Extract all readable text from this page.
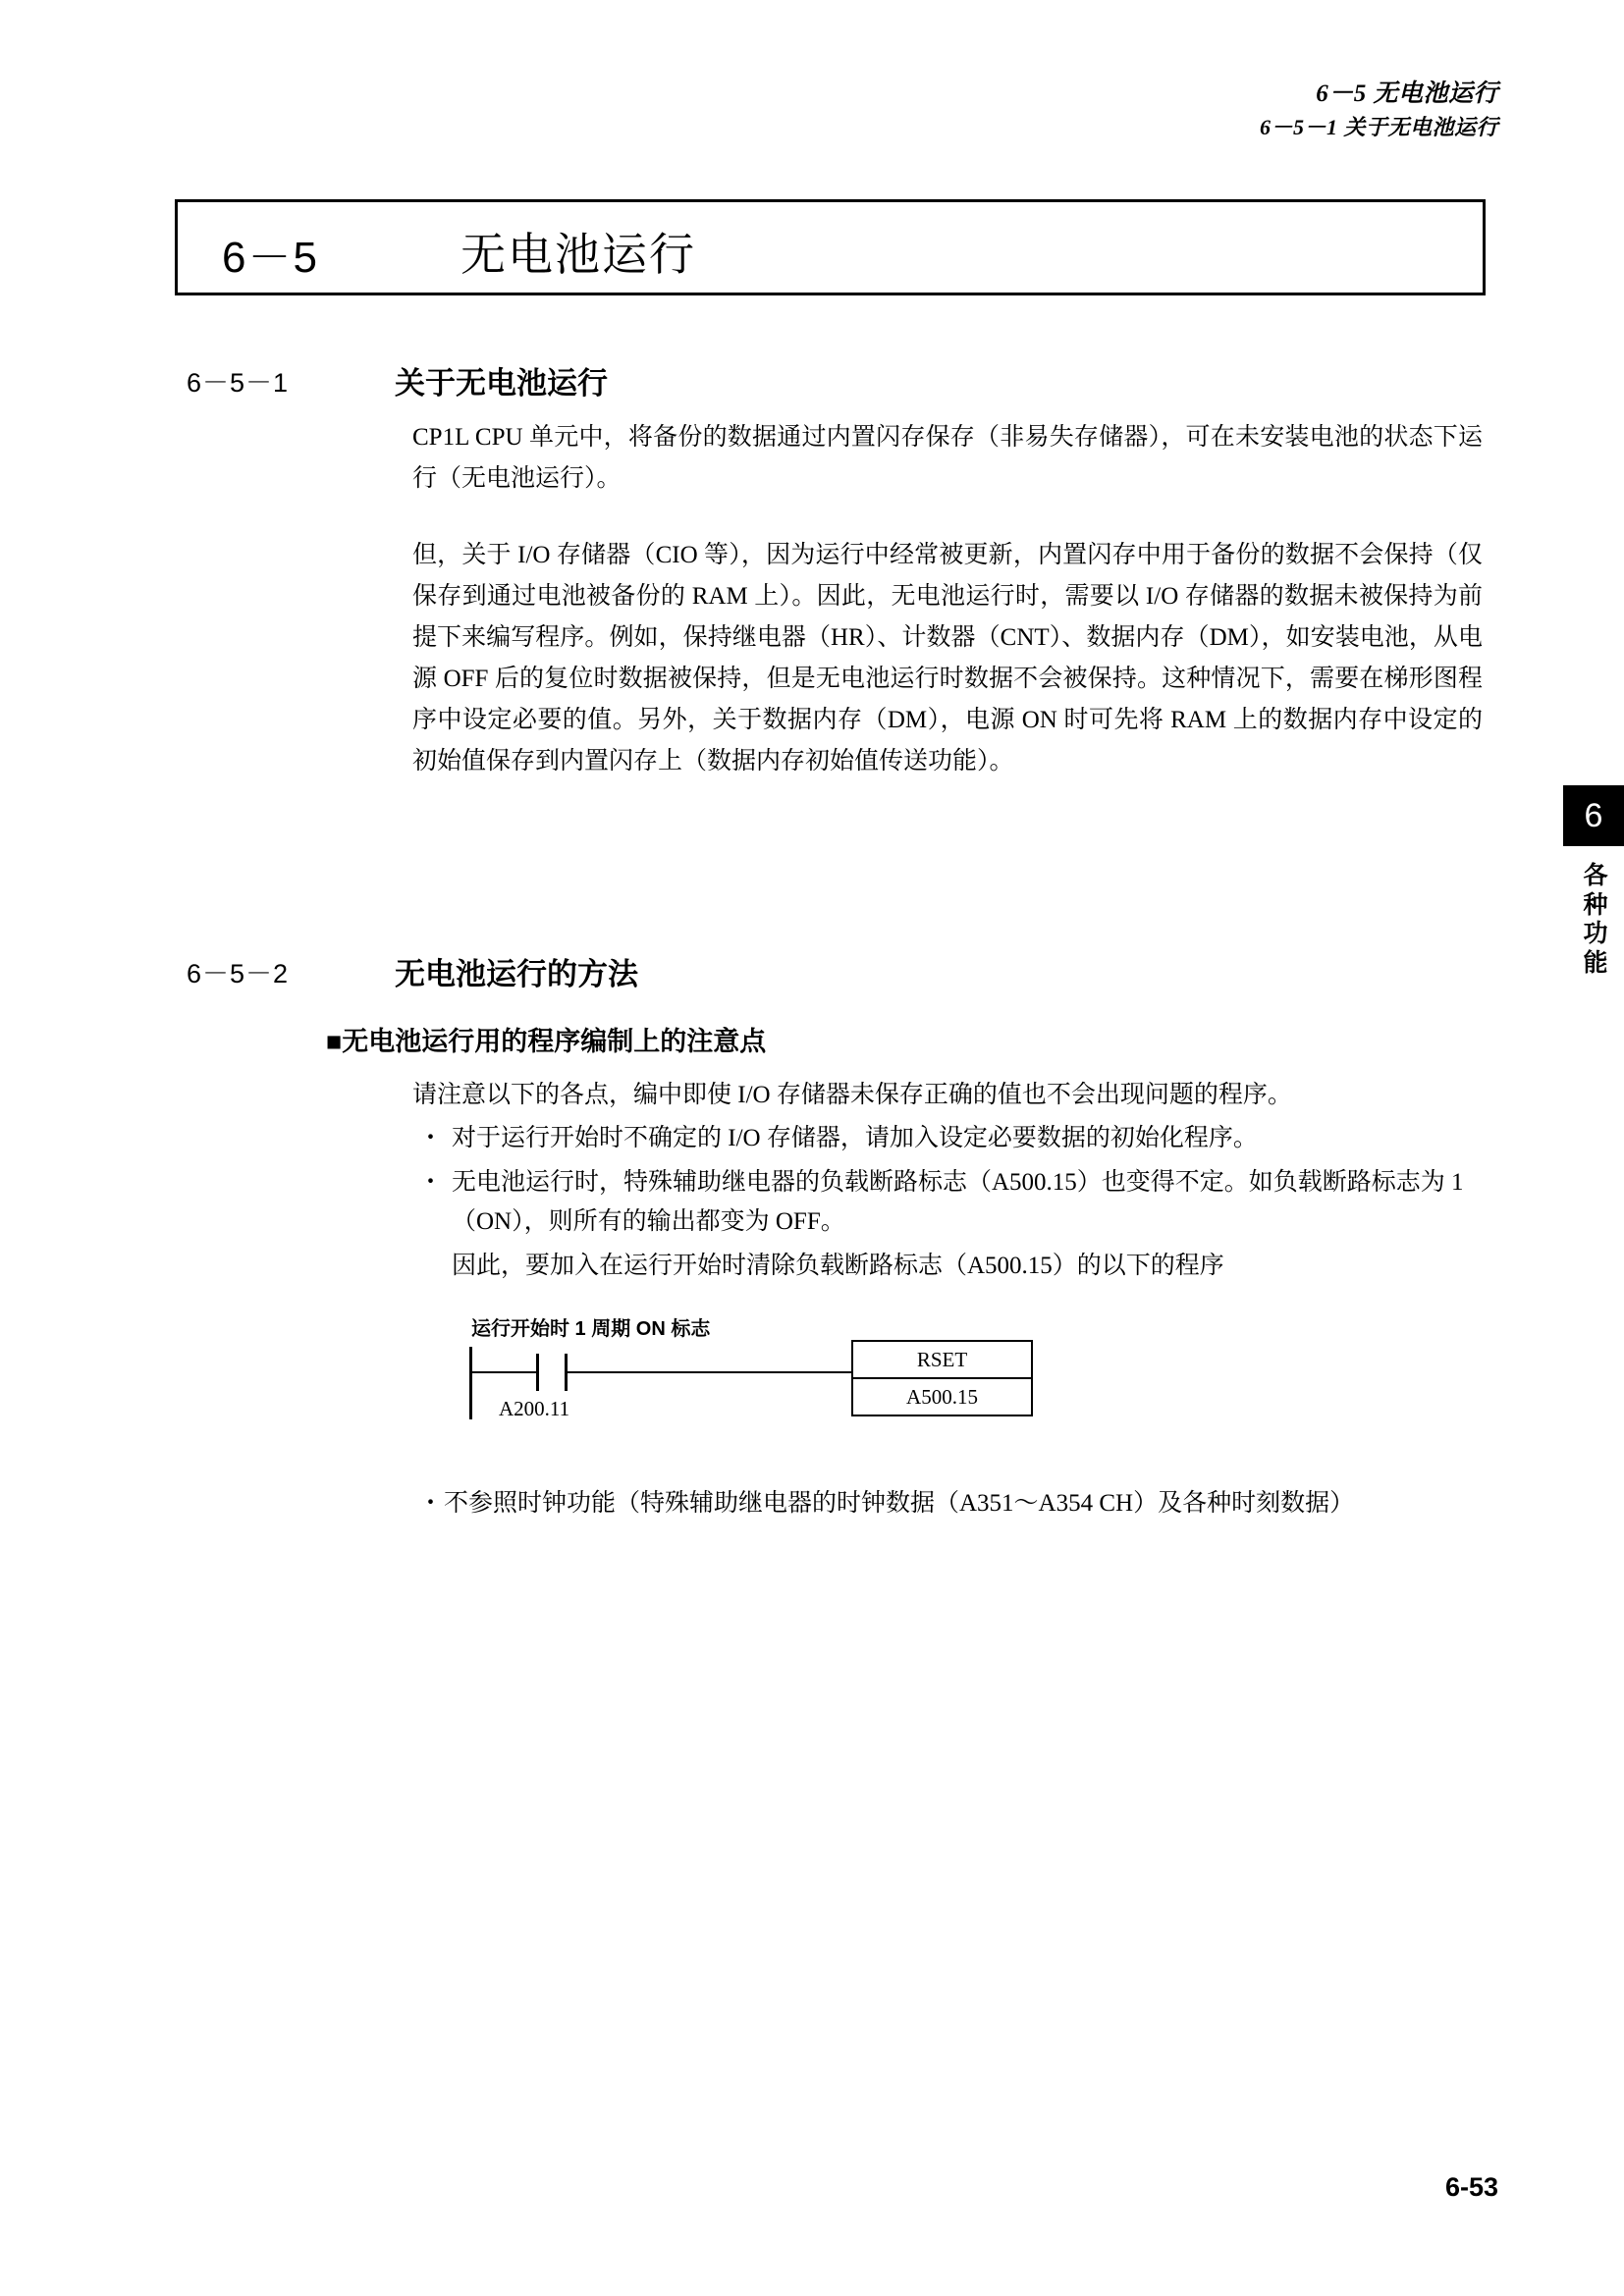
6－5 无电池运行
6－5－1 关于无电池运行
6－5	无电池运行
6－5－1	关于无电池运行
CP1L CPU 单元中，将备份的数据通过内置闪存保存（非易失存储器），可在未安装电池的状态下运行（无电池运行）。
但，关于 I/O 存储器（CIO 等），因为运行中经常被更新，内置闪存中用于备份的数据不会保持（仅保存到通过电池被备份的 RAM 上）。因此，无电池运行时，需要以 I/O 存储器的数据未被保持为前提下来编写程序。例如，保持继电器（HR）、计数器（CNT）、数据内存（DM），如安装电池，从电源 OFF 后的复位时数据被保持，但是无电池运行时数据不会被保持。这种情况下，需要在梯形图程序中设定必要的值。另外，关于数据内存（DM），电源 ON 时可先将 RAM 上的数据内存中设定的初始值保存到内置闪存上（数据内存初始值传送功能）。
6－5－2	无电池运行的方法
■无电池运行用的程序编制上的注意点
请注意以下的各点，编中即使 I/O 存储器未保存正确的值也不会出现问题的程序。
・ 对于运行开始时不确定的 I/O 存储器，请加入设定必要数据的初始化程序。
・ 无电池运行时，特殊辅助继电器的负载断路标志（A500.15）也变得不定。如负载断路标志为 1（ON），则所有的输出都变为 OFF。
因此，要加入在运行开始时清除负载断路标志（A500.15）的以下的程序
运行开始时 1 周期 ON 标志
A200.11
RSET
A500.15
・ 不参照时钟功能（特殊辅助继电器的时钟数据（A351～A354 CH）及各种时刻数据）
6
各种功能
6-53
